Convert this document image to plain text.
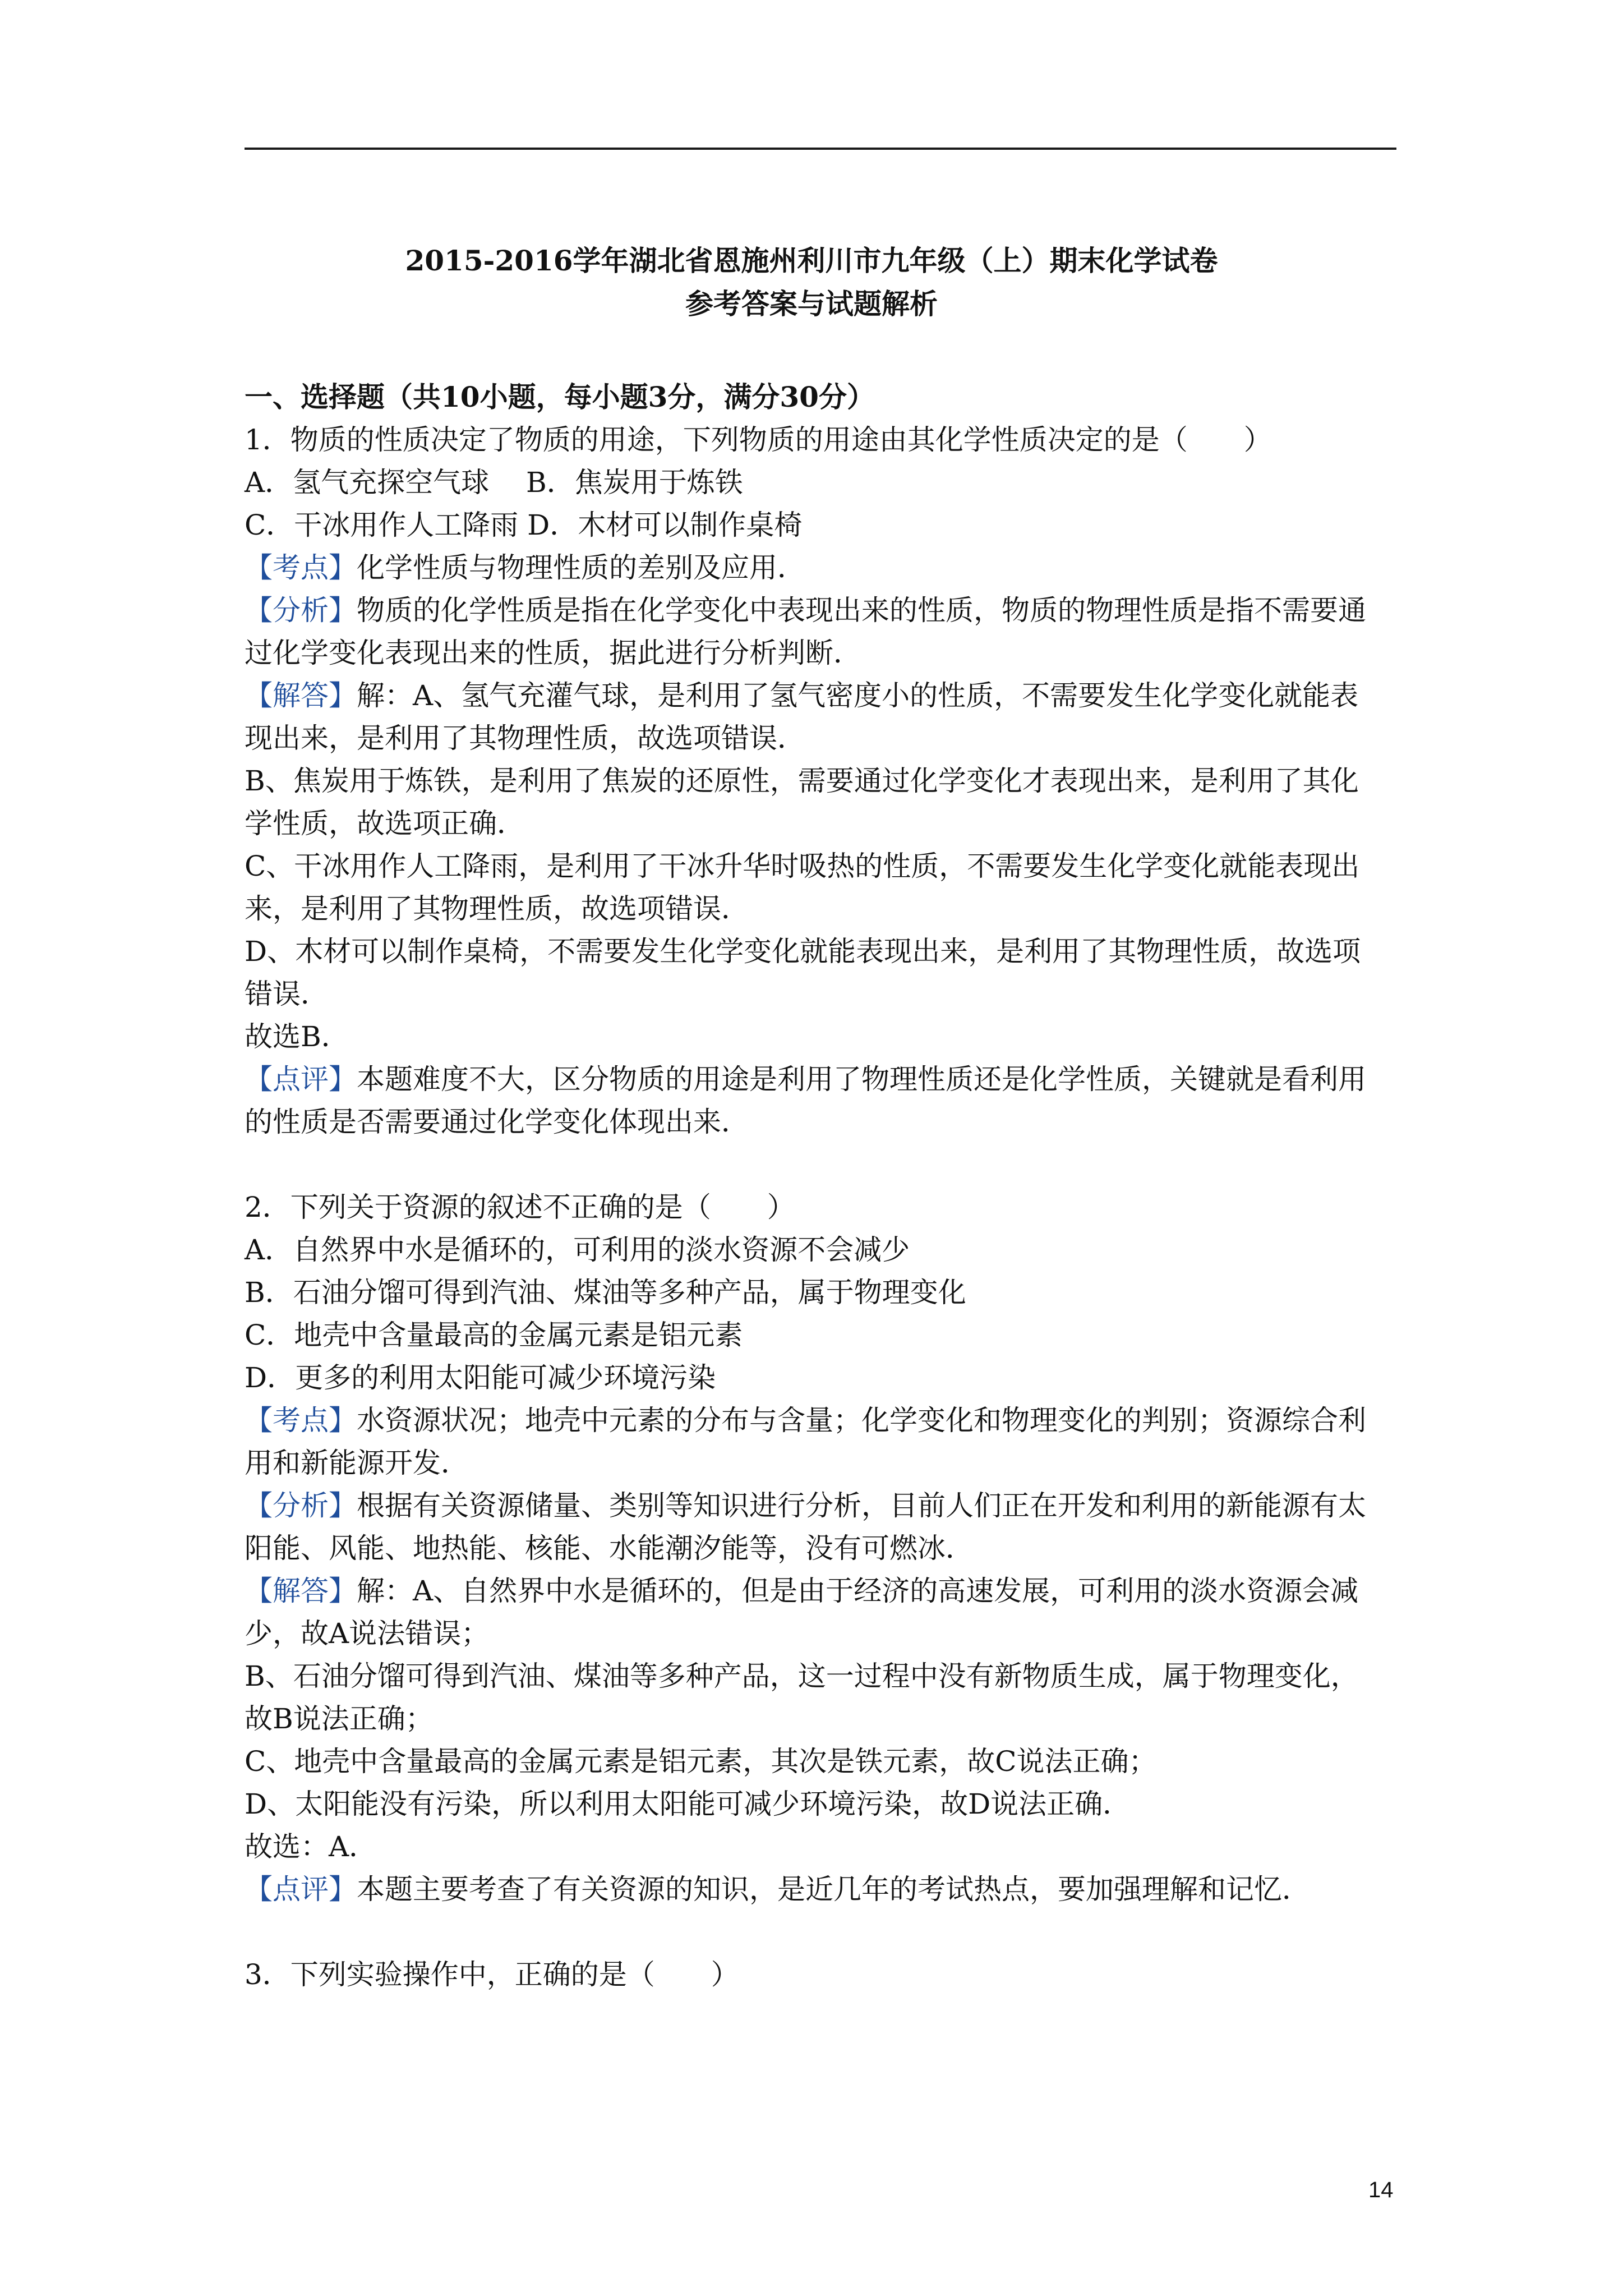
2015-2016学年湖北省恩施州利川市九年级（上）期末化学试卷
参考答案与试题解析

一、选择题（共10小题，每小题3分，满分30分）

1．物质的性质决定了物质的用途，下列物质的用途由其化学性质决定的是（　　）

A．氢气充探空气球　 B．焦炭用于炼铁

C．干冰用作人工降雨 D．木材可以制作桌椅

【考点】化学性质与物理性质的差别及应用．

【分析】物质的化学性质是指在化学变化中表现出来的性质，物质的物理性质是指不需要通

过化学变化表现出来的性质，据此进行分析判断．

【解答】解：A、氢气充灌气球，是利用了氢气密度小的性质，不需要发生化学变化就能表

现出来，是利用了其物理性质，故选项错误．

B、焦炭用于炼铁，是利用了焦炭的还原性，需要通过化学变化才表现出来，是利用了其化

学性质，故选项正确．

C、干冰用作人工降雨，是利用了干冰升华时吸热的性质，不需要发生化学变化就能表现出

来，是利用了其物理性质，故选项错误．

D、木材可以制作桌椅，不需要发生化学变化就能表现出来，是利用了其物理性质，故选项

错误．

故选B．

【点评】本题难度不大，区分物质的用途是利用了物理性质还是化学性质，关键就是看利用

的性质是否需要通过化学变化体现出来．

2．下列关于资源的叙述不正确的是（　　）

A．自然界中水是循环的，可利用的淡水资源不会减少

B．石油分馏可得到汽油、煤油等多种产品，属于物理变化

C．地壳中含量最高的金属元素是铝元素

D．更多的利用太阳能可减少环境污染

【考点】水资源状况；地壳中元素的分布与含量；化学变化和物理变化的判别；资源综合利

用和新能源开发．

【分析】根据有关资源储量、类别等知识进行分析，目前人们正在开发和利用的新能源有太

阳能、风能、地热能、核能、水能潮汐能等，没有可燃冰．

【解答】解：A、自然界中水是循环的，但是由于经济的高速发展，可利用的淡水资源会减

少，故A说法错误；

B、石油分馏可得到汽油、煤油等多种产品，这一过程中没有新物质生成，属于物理变化，

故B说法正确；

C、地壳中含量最高的金属元素是铝元素，其次是铁元素，故C说法正确；

D、太阳能没有污染，所以利用太阳能可减少环境污染，故D说法正确．

故选：A．

【点评】本题主要考查了有关资源的知识，是近几年的考试热点，要加强理解和记忆．

3．下列实验操作中，正确的是（　　）

14
